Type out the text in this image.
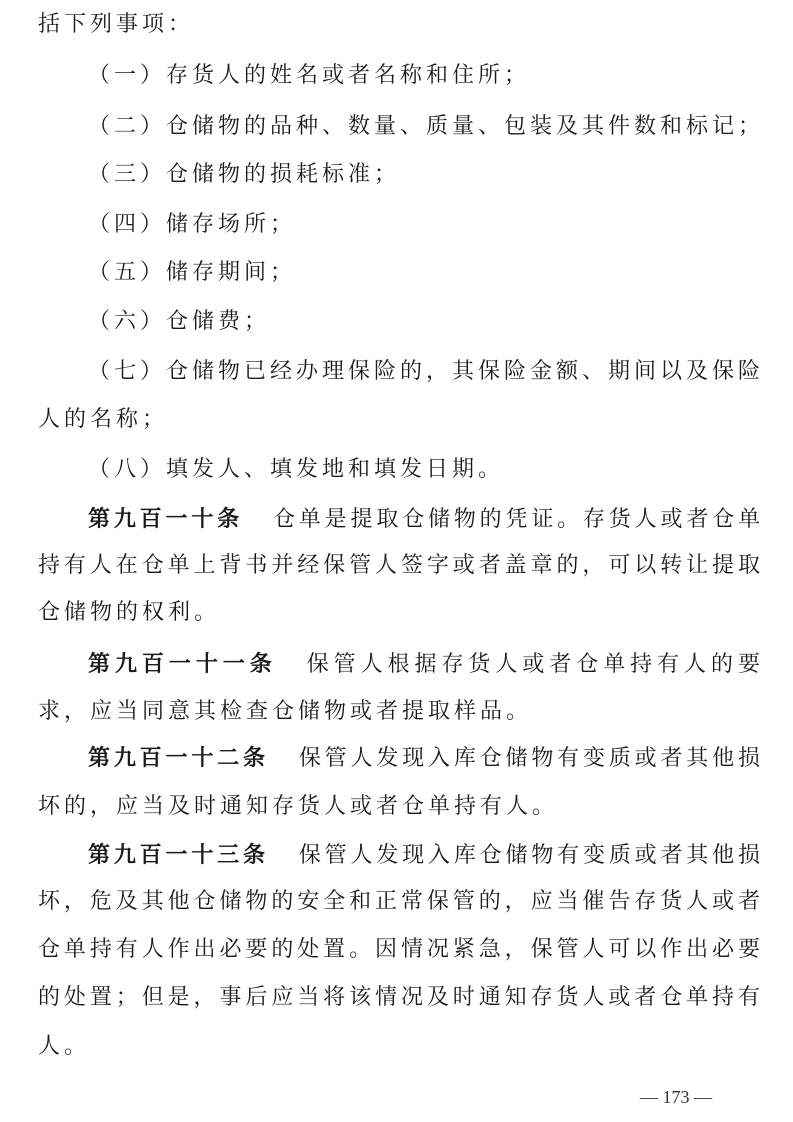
括下列事项：
（一）存货人的姓名或者名称和住所；
（二）仓储物的品种、数量、质量、包装及其件数和标记；
（三）仓储物的损耗标准；
（四）储存场所；
（五）储存期间；
（六）仓储费；
（七）仓储物已经办理保险的，其保险金额、期间以及保险
人的名称；
（八）填发人、填发地和填发日期。
第九百一十条 仓单是提取仓储物的凭证。存货人或者仓单
持有人在仓单上背书并经保管人签字或者盖章的，可以转让提取
仓储物的权利。
第九百一十一条 保管人根据存货人或者仓单持有人的要
求，应当同意其检查仓储物或者提取样品。
第九百一十二条 保管人发现入库仓储物有变质或者其他损
坏的，应当及时通知存货人或者仓单持有人。
第九百一十三条 保管人发现入库仓储物有变质或者其他损
坏，危及其他仓储物的安全和正常保管的，应当催告存货人或者
仓单持有人作出必要的处置。因情况紧急，保管人可以作出必要
的处置；但是，事后应当将该情况及时通知存货人或者仓单持有
人。
— 173 —
